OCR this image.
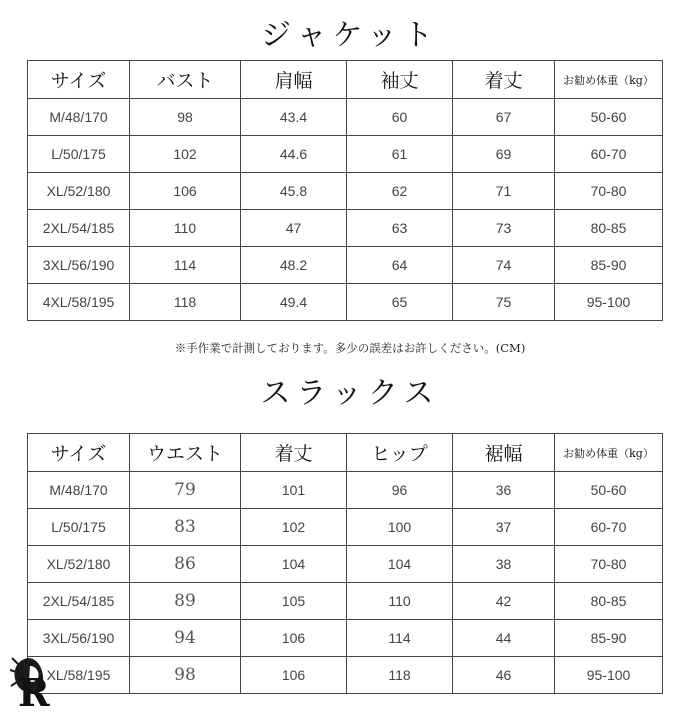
ジャケット
サイズ	バスト	肩幅	袖丈	着丈	お勧め体重（kg）
M/48/170	98	43.4	60	67	50-60
L/50/175	102	44.6	61	69	60-70
XL/52/180	106	45.8	62	71	70-80
2XL/54/185	110	47	63	73	80-85
3XL/56/190	114	48.2	64	74	85-90
4XL/58/195	118	49.4	65	75	95-100
※手作業で計測しております。多少の誤差はお許しください。(CM)
スラックス
サイズ	ウエスト	着丈	ヒップ	裾幅	お勧め体重（kg）
M/48/170	79	101	96	36	50-60
L/50/175	83	102	100	37	60-70
XL/52/180	86	104	104	38	70-80
2XL/54/185	89	105	110	42	80-85
3XL/56/190	94	106	114	44	85-90
XL/58/195	98	106	118	46	95-100
R
